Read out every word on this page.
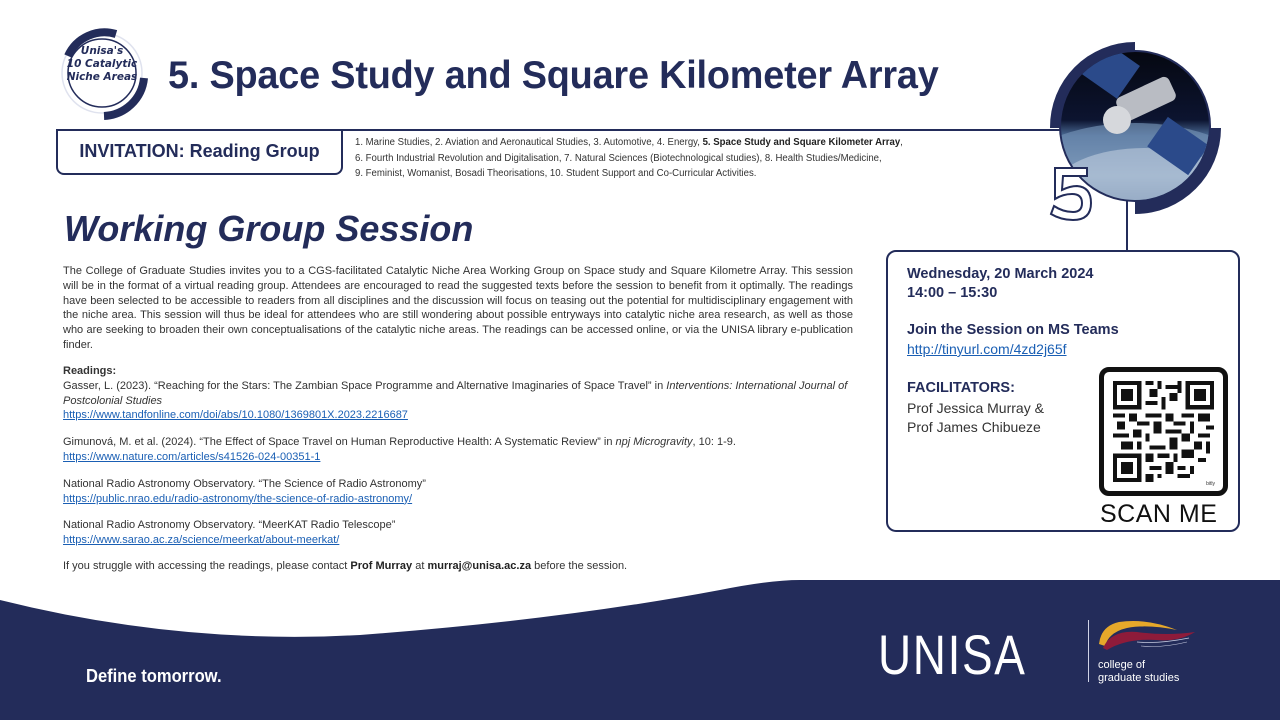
Unisa's
10 Catalytic
Niche Areas 5. Space Study and Square Kilometer Array
INVITATION: Reading Group	1. Marine Studies, 2. Aviation and Aeronautical Studies, 3. Automotive, 4. Energy, 5. Space Study and Square Kilometer Array,
6. Fourth Industrial Revolution and Digitalisation, 7. Natural Sciences (Biotechnological studies), 8. Health Studies/Medicine,
9. Feminist, Womanist, Bosadi Theorisations, 10. Student Support and Co-Curricular Activities.
Working Group Session

The College of Graduate Studies invites you to a CGS-facilitated Catalytic Niche Area Working Group on Space study and Square Kilometre Array. This session will be in the format of a virtual reading group. Attendees are encouraged to read the suggested texts before the session to benefit from it optimally. The readings have been selected to be accessible to readers from all disciplines and the discussion will focus on teasing out the potential for multidisciplinary engagement with the niche area. This session will thus be ideal for attendees who are still wondering about possible entryways into catalytic niche area research, as well as those who are seeking to broaden their own conceptualisations of the catalytic niche areas. The readings can be accessed online, or via the UNISA library e-publication finder.

Readings:
Gasser, L. (2023). “Reaching for the Stars: The Zambian Space Programme and Alternative Imaginaries of Space Travel” in Interventions: International Journal of Postcolonial Studies
https://www.tandfonline.com/doi/abs/10.1080/1369801X.2023.2216687
Gimunová, M. et al. (2024). “The Effect of Space Travel on Human Reproductive Health: A Systematic Review” in npj Microgravity, 10: 1-9.
https://www.nature.com/articles/s41526-024-00351-1
National Radio Astronomy Observatory. “The Science of Radio Astronomy”
https://public.nrao.edu/radio-astronomy/the-science-of-radio-astronomy/
National Radio Astronomy Observatory. “MeerKAT Radio Telescope”
https://www.sarao.ac.za/science/meerkat/about-meerkat/
If you struggle with accessing the readings, please contact Prof Murray at murraj@unisa.ac.za before the session.
Wednesday, 20 March 2024
14:00 – 15:30
Join the Session on MS Teams
http://tinyurl.com/4zd2j65f
FACILITATORS:
Prof Jessica Murray &
Prof James Chibueze
bitly
SCAN ME
Define tomorrow.	UNISA	college of
graduate studies
